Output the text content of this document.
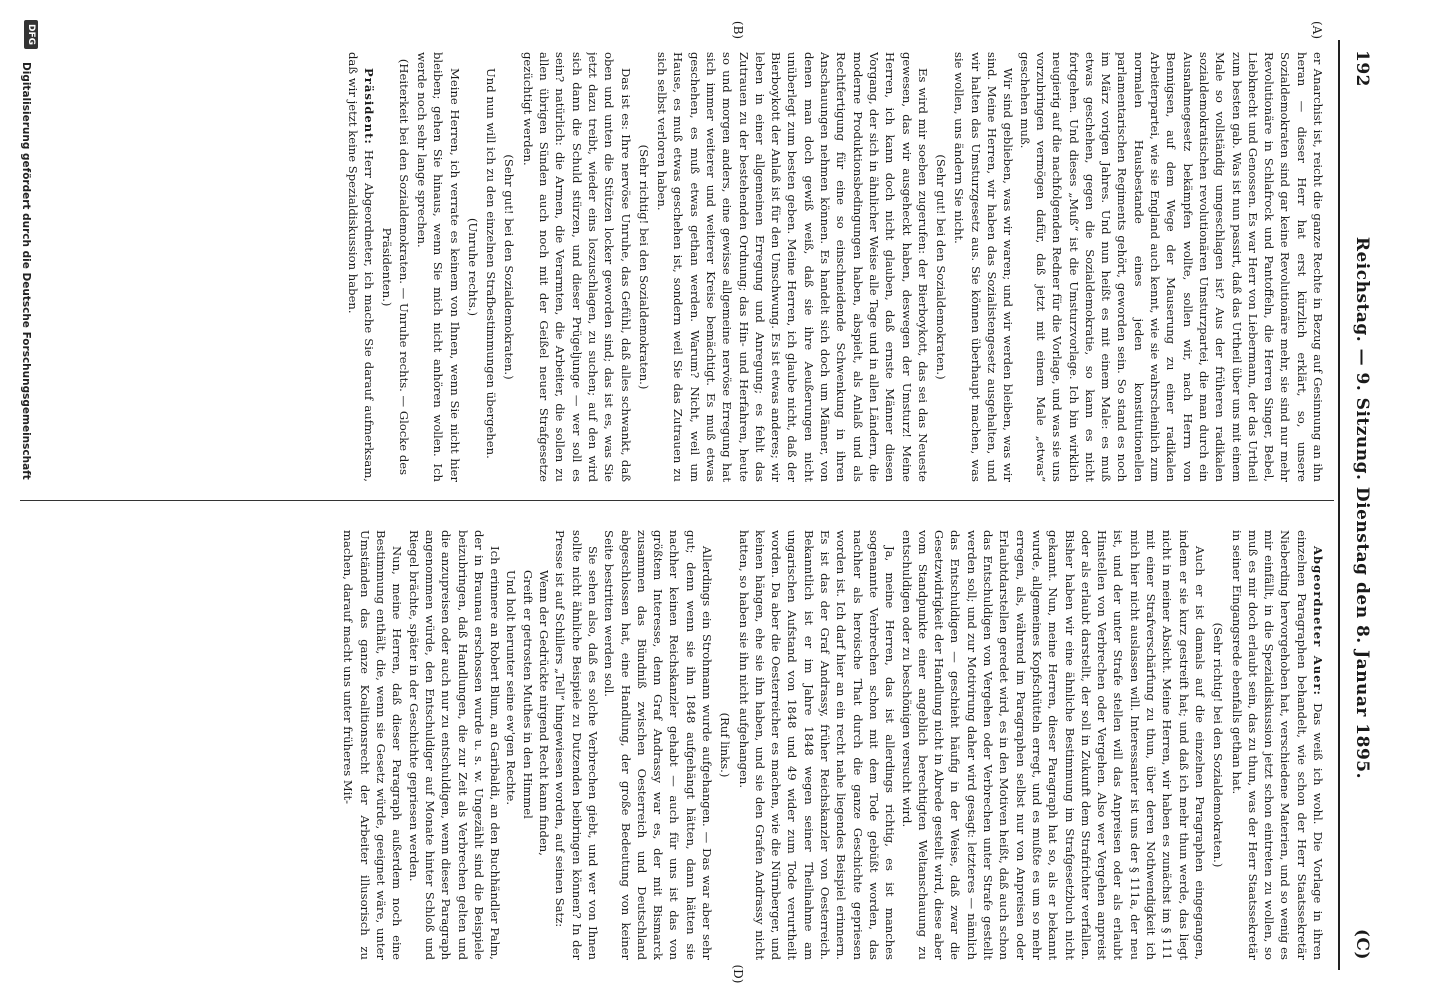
192
Reichstag. — 9. Sitzung. Dienstag den 8. Januar 1895.
(C)
(A)
(B)
(D)

er Anarchist ist, reicht die ganze Rechte in Bezug auf Gesinnung an ihn heran — dieser Herr hat erst kürzlich erklärt, so, unsere Sozialdemokraten sind gar keine Revolutionäre mehr, sie sind nur mehr Revolutionäre in Schlafrock und Pantoffeln, die Herren Singer, Bebel, Liebknecht und Genossen. Es war Herr von Liebermann, der das Urtheil zum besten gab. Was ist nun passirt, daß das Urtheil über uns mit einem Male so vollständig umgeschlagen ist? Aus der früheren radikalen sozialdemokratischen revolutionären Umsturzpartei, die man durch ein Ausnahmegesetz bekämpfen wollte, sollen wir, nach Herrn von Bennigsen, auf dem Wege der Mauserung zu einer radikalen Arbeiterpartei, wie sie England auch kennt, wie sie wahrscheinlich zum normalen Hausbestande eines jeden konstitutionellen parlamentarischen Regiments gehört, geworden sein. So stand es noch im März vorigen Jahres. Und nun heißt es mit einem Male: es muß etwas geschehen, gegen die Sozialdemokratie, so kann es nicht fortgehen. Und dieses „Muß“ ist die Umsturzvorlage. Ich bin wirklich neugierig auf die nachfolgenden Redner für die Vorlage, und was sie uns vorzubringen vermögen dafür, daß jetzt mit einem Male „etwas“ geschehen muß.

Wir sind geblieben, was wir waren; und wir werden bleiben, was wir sind. Meine Herren, wir haben das Sozialistengesetz ausgehalten, und wir halten das Umsturzgesetz aus. Sie können überhaupt machen, was sie wollen, uns ändern Sie nicht.

(Sehr gut! bei den Sozialdemokraten.)

Es wird mir soeben zugerufen: der Bierboykott, das sei das Neueste gewesen, das wir ausgeheckt haben, deswegen der Umsturz! Meine Herren, ich kann doch nicht glauben, daß ernste Männer diesen Vorgang, der sich in ähnlicher Weise alle Tage und in allen Ländern, die moderne Produktionsbedingungen haben, abspielt, als Anlaß und als Rechtfertigung für eine so einschneidende Schwenkung in ihren Anschauungen nehmen können. Es handelt sich doch um Männer, von denen man doch gewiß weiß, daß sie ihre Aeußerungen nicht unüberlegt zum besten geben. Meine Herren, ich glaube nicht, daß der Bierboykott der Anlaß ist für den Umschwung. Es ist etwas anderes; wir leben in einer allgemeinen Erregung und Anregung; es fehlt das Zutrauen zu der bestehenden Ordnung; das Hin- und Herfahren, heute so und morgen anders, eine gewisse allgemeine nervöse Erregung hat sich immer weiterer und weiterer Kreise bemächtigt. Es muß etwas geschehen, es muß etwas gethan werden. Warum? Nicht, weil um Hause, es muß etwas geschehen ist, sondern weil Sie das Zutrauen zu sich selbst verloren haben.

(Sehr richtig! bei den Sozialdemokraten.)

Das ist es: Ihre nervöse Unruhe, das Gefühl, daß alles schwankt, daß oben und unten die Stützen locker geworden sind; das ist es, was Sie jetzt dazu treibt, wieder eins loszuschlagen, zu suchen; auf den wird sich dann die Schuld stürzen, und dieser Prügeljunge — wer soll es sein? natürlich: die Armen, die Verarmten, die Arbeiter, die sollen zu allen übrigen Sünden auch noch mit der Geißel neuer Strafgesetze gezüchtigt werden.

(Sehr gut! bei den Sozialdemokraten.)

Und nun will ich zu den einzelnen Strafbestimmungen übergehen.

(Unruhe rechts.)

Meine Herren, ich verrate es keinem von Ihnen, wenn Sie nicht hier bleiben; gehen Sie hinaus, wenn Sie mich nicht anhören wollen. Ich werde noch sehr lange sprechen.

(Heiterkeit bei den Sozialdemokraten. — Unruhe rechts. — Glocke des Präsidenten.)

Präsident: Herr Abgeordneter, ich mache Sie darauf aufmerksam, daß wir jetzt keine Spezialdiskussion haben.

Abgeordneter Auer: Das weiß ich wohl. Die Vorlage in ihren einzelnen Paragraphen behandelt, wie schon der Herr Staatssekretär Nieberding hervorgehoben hat, verschiedene Materien, und so wenig es mir einfällt, in die Spezialdiskussion jetzt schon eintreten zu wollen, so muß es mir doch erlaubt sein, das zu thun, was der Herr Staatssekretär in seiner Eingangsrede ebenfalls gethan hat.

(Sehr richtig! bei den Sozialdemokraten.)

Auch er ist damals auf die einzelnen Paragraphen eingegangen, indem er sie kurz gestreift hat; und daß ich mehr thun werde, das liegt nicht in meiner Absicht. Meine Herren, wir haben es zunächst im § 111 mit einer Strafverschärfung zu thun, über deren Nothwendigkeit ich mich hier nicht auslassen will. Interessanter ist uns der § 111a, der neu ist, und der unter Strafe stellen will das Anpreisen oder als erlaubt Hinstellen von Verbrechen oder Vergehen. Also wer Vergehen anpreist oder als erlaubt darstellt, der soll in Zukunft dem Strafrichter verfallen. Bisher haben wir eine ähnliche Bestimmung im Strafgesetzbuch nicht gekannt. Nun, meine Herren, dieser Paragraph hat so, als er bekannt wurde, allgemeines Kopfschütteln erregt, und es mußte es um so mehr erregen, als, während im Paragraphen selbst nur von Anpreisen oder Erlaubtdarstellen geredet wird, es in den Motiven heißt, daß auch schon das Entschuldigen von Vergehen oder Verbrechen unter Strafe gestellt werden soll; und zur Motivirung daher wird gesagt: letzteres — nämlich das Entschuldigen — geschieht häufig in der Weise, daß zwar die Gesetzwidrigkeit der Handlung nicht in Abrede gestellt wird, diese aber vom Standpunkte einer angeblich berechtigten Weltanschauung zu entschuldigen oder zu beschönigen versucht wird.

Ja, meine Herren, das ist allerdings richtig, es ist manches sogenannte Verbrechen schon mit dem Tode gebüßt worden, das nachher als heroische That durch die ganze Geschichte gepriesen worden ist. Ich darf hier an ein recht nahe liegendes Beispiel erinnern. Es ist das der Graf Andrassy, früher Reichskanzler von Oesterreich. Bekanntlich ist er im Jahre 1848 wegen seiner Theilnahme am ungarischen Aufstand von 1848 und 49 wider zum Tode verurtheilt worden. Da aber die Oesterreicher es machen, wie die Nürnberger, und keinen hängen, ehe sie ihn haben, und sie den Grafen Andrassy nicht hatten, so haben sie ihn nicht aufgehangen.

(Ruf links.)

Allerdings ein Strohmann wurde aufgehangen. — Das war aber sehr gut; denn wenn sie ihn 1848 aufgehängt hätten, dann hätten sie nachher keinen Reichskanzler gehabt — auch für uns ist das von größtem Interesse, denn Graf Andrassy war es, der mit Bismarck zusammen das Bündniß zwischen Oesterreich und Deutschland abgeschlossen hat, eine Handlung, der große Bedeutung von keiner Seite bestritten werden soll.

Sie sehen also, daß es solche Verbrechen giebt, und wer von Ihnen sollte nicht ähnliche Beispiele zu Dutzenden beibringen können? In der Presse ist auf Schillers „Tell“ hingewiesen worden, auf seinen Satz:

Wenn der Gedrückte nirgend Recht kann finden,

Greift er getrosten Muthes in den Himmel

Und holt herunter seine ew'gen Rechte.

Ich erinnere an Robert Blum, an Garibaldi, an den Buchhändler Palm, der in Braunau erschossen wurde u. s. w. Ungezählt sind die Beispiele beizubringen, daß Handlungen, die zur Zeit als Verbrechen gelten und die anzupreisen oder auch nur zu entschuldigen, wenn dieser Paragraph angenommen würde, den Entschuldiger auf Monate hinter Schloß und Riegel brächte, später in der Geschichte gepriesen werden.

Nun, meine Herren, daß dieser Paragraph außerdem noch eine Bestimmung enthält, die, wenn sie Gesetz würde, geeignet wäre, unter Umständen das ganze Koalitionsrecht der Arbeiter illusorisch zu machen, darauf macht uns unter früheres Mit-

DFG
Digitalisierung gefördert durch die Deutsche Forschungsgemeinschaft
